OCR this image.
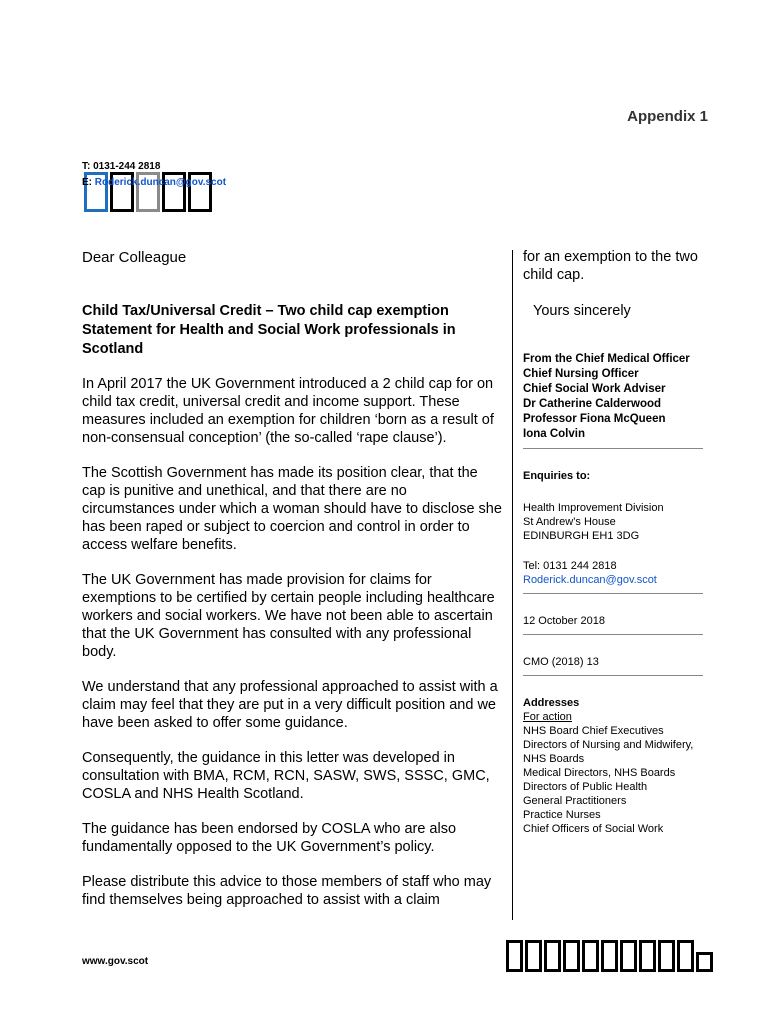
Appendix 1
T: 0131-244 2818
E: Roderick.duncan@gov.scot

Dear Colleague

Child Tax/Universal Credit – Two child cap exemption Statement for Health and Social Work professionals in Scotland

In April 2017 the UK Government introduced a 2 child cap for on child tax credit, universal credit and income support. These measures included an exemption for children ‘born as a result of non-consensual conception’ (the so-called ‘rape clause’).

The Scottish Government has made its position clear, that the cap is punitive and unethical, and that there are no circumstances under which a woman should have to disclose she has been raped or subject to coercion and control in order to access welfare benefits.

The UK Government has made provision for claims for exemptions to be certified by certain people including healthcare workers and social workers. We have not been able to ascertain that the UK Government has consulted with any professional body.

We understand that any professional approached to assist with a claim may feel that they are put in a very difficult position and we have been asked to offer some guidance.

Consequently, the guidance in this letter was developed in consultation with BMA, RCM, RCN, SASW, SWS, SSSC, GMC, COSLA and NHS Health Scotland.

The guidance has been endorsed by COSLA who are also fundamentally opposed to the UK Government’s policy.

Please distribute this advice to those members of staff who may find themselves being approached to assist with a claim

for an exemption to the two child cap.

Yours sincerely

From the Chief Medical Officer
Chief Nursing Officer
Chief Social Work Adviser
Dr Catherine Calderwood
Professor Fiona McQueen
Iona Colvin
Enquiries to:
Health Improvement Division
St Andrew’s House
EDINBURGH EH1 3DG
Tel: 0131 244 2818
Roderick.duncan@gov.scot
12 October 2018
CMO (2018) 13
Addresses
For action
NHS Board Chief Executives
Directors of Nursing and Midwifery,
NHS Boards
Medical Directors, NHS Boards
Directors of Public Health
General Practitioners
Practice Nurses
Chief Officers of Social Work
www.gov.scot
